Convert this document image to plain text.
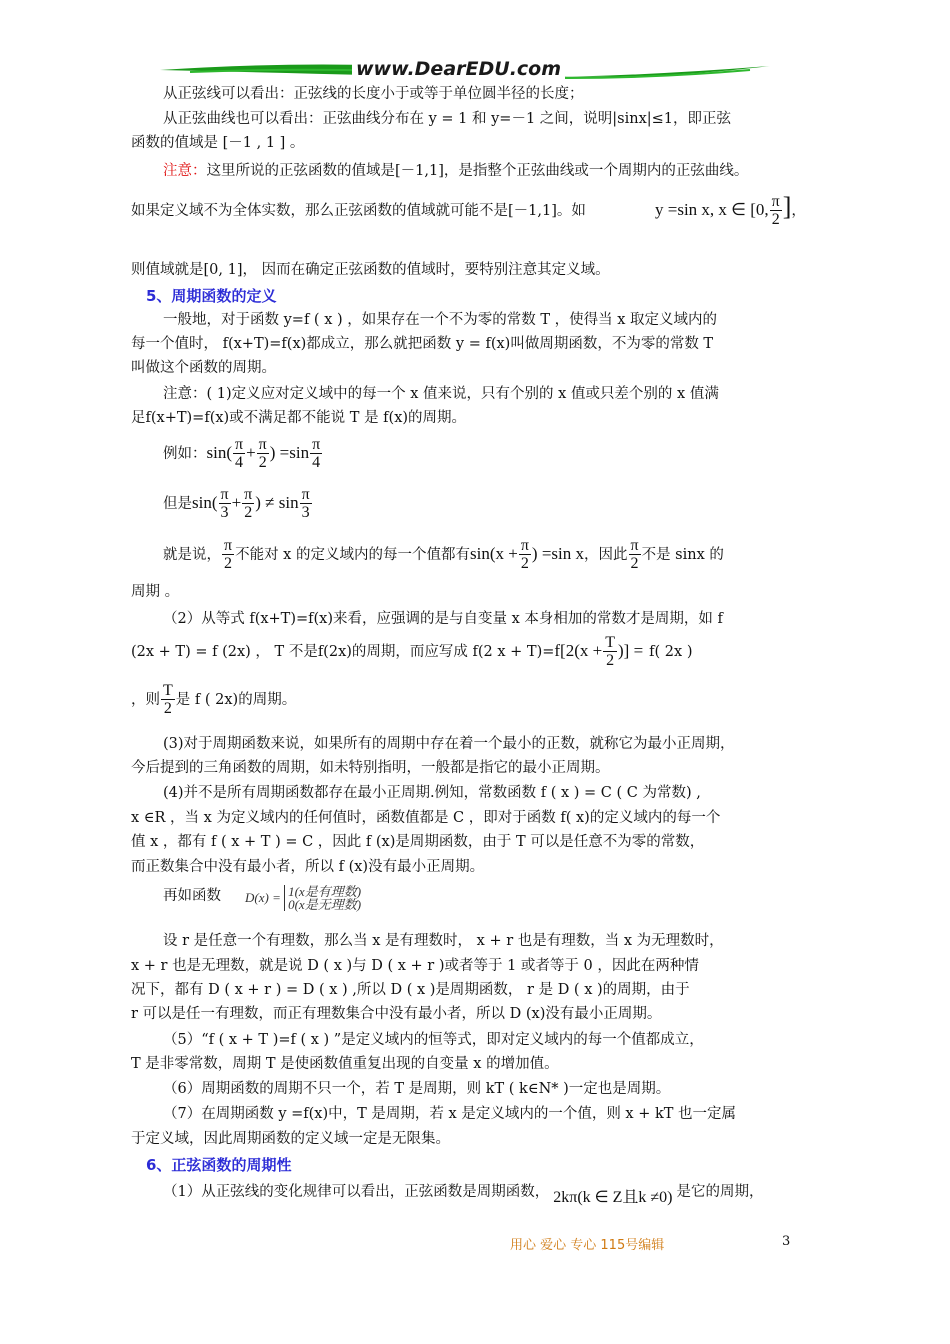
www.DearEDU.com
从正弦线可以看出：正弦线的长度小于或等于单位圆半径的长度；
从正弦曲线也可以看出：正弦曲线分布在 y = 1 和 y=－1 之间，说明|sinx|≤1，即正弦
函数的值域是 [－1 , 1 ] 。
注意：这里所说的正弦函数的值域是[－1,1]，是指整个正弦曲线或一个周期内的正弦曲线。
如果定义域不为全体实数，那么正弦函数的值域就可能不是[－1,1]。如	y =sin x, x ∈ [0, $\frac{\pi}{2}$ ]，
则值域就是[0, 1]， 因而在确定正弦函数的值域时，要特别注意其定义域。
5、周期函数的定义
一般地，对于函数 y=f ( x ) ，如果存在一个不为零的常数 T ，使得当 x 取定义域内的
每一个值时， f(x+T)=f(x)都成立，那么就把函数 y = f(x)叫做周期函数，不为零的常数 T
叫做这个函数的周期。
注意：( 1)定义应对定义域中的每一个 x 值来说，只有个别的 x 值或只差个别的 x 值满
足f(x+T)=f(x)或不满足都不能说 T 是 f(x)的周期。
例如：$\sin( \frac{\pi}{4} + \frac{\pi}{2}$ ) $=\sin \frac{\pi}{4}$
但是$\sin( \frac{\pi}{3} + \frac{\pi}{2}$ ) ≠ $\sin \frac{\pi}{3}$
就是说， $\frac{\pi}{2}$ 不能对 x 的定义域内的每一个值都有$\sin(x + \frac{\pi}{2}$ ) =sin x，因此 $\frac{\pi}{2}$ 不是 sinx 的
周期 。
（2）从等式 f(x+T)=f(x)来看，应强调的是与自变量 x 本身相加的常数才是周期，如 f
(2x + T) = f (2x) ， T 不是f(2x)的周期，而应写成 f(2 $x + T)=f[2(x + \frac{T}{2}$ )] = f( 2x )
，则 $\frac{T}{2}$ 是 f ( 2x)的周期。
(3)对于周期函数来说，如果所有的周期中存在着一个最小的正数，就称它为最小正周期，
今后提到的三角函数的周期，如未特别指明，一般都是指它的最小正周期。
(4)并不是所有周期函数都存在最小正周期.例知，常数函数 f ( x ) = C ( C 为常数) ,
x ∈R ，当 x 为定义域内的任何值时，函数值都是 C ，即对于函数 f( x)的定义域内的每一个
值 x ，都有 f ( x + T ) = C ，因此 f (x)是周期函数，由于 T 可以是任意不为零的常数，
而正数集合中没有最小者，所以 f (x)没有最小正周期。
再如函数 D(x) = 1(x是有理数)
0(x是无理数)
设 r 是任意一个有理数，那么当 x 是有理数时， x + r 也是有理数，当 x 为无理数时，
x + r 也是无理数，就是说 D ( x )与 D ( x + r )或者等于 1 或者等于 0 ，因此在两种情
况下，都有 D ( x + r ) = D ( x ) ,所以 D ( x )是周期函数， r 是 D ( x )的周期，由于
r 可以是任一有理数，而正有理数集合中没有最小者，所以 D (x)没有最小正周期。
（5）“f ( x + T )=f ( x ) ”是定义域内的恒等式，即对定义域内的每一个值都成立，
T 是非零常数，周期 T 是使函数值重复出现的自变量 x 的增加值。
（6）周期函数的周期不只一个，若 T 是周期，则 kT ( k∈N* )一定也是周期。
（7）在周期函数 y =f(x)中，T 是周期，若 x 是定义域内的一个值，则 x + kT 也一定属
于定义域，因此周期函数的定义域一定是无限集。
6、正弦函数的周期性
（1）从正弦线的变化规律可以看出，正弦函数是周期函数， 2kπ(k ∈ Z且k ≠0) 是它的周期，
用心 爱心 专心 115号编辑	3
